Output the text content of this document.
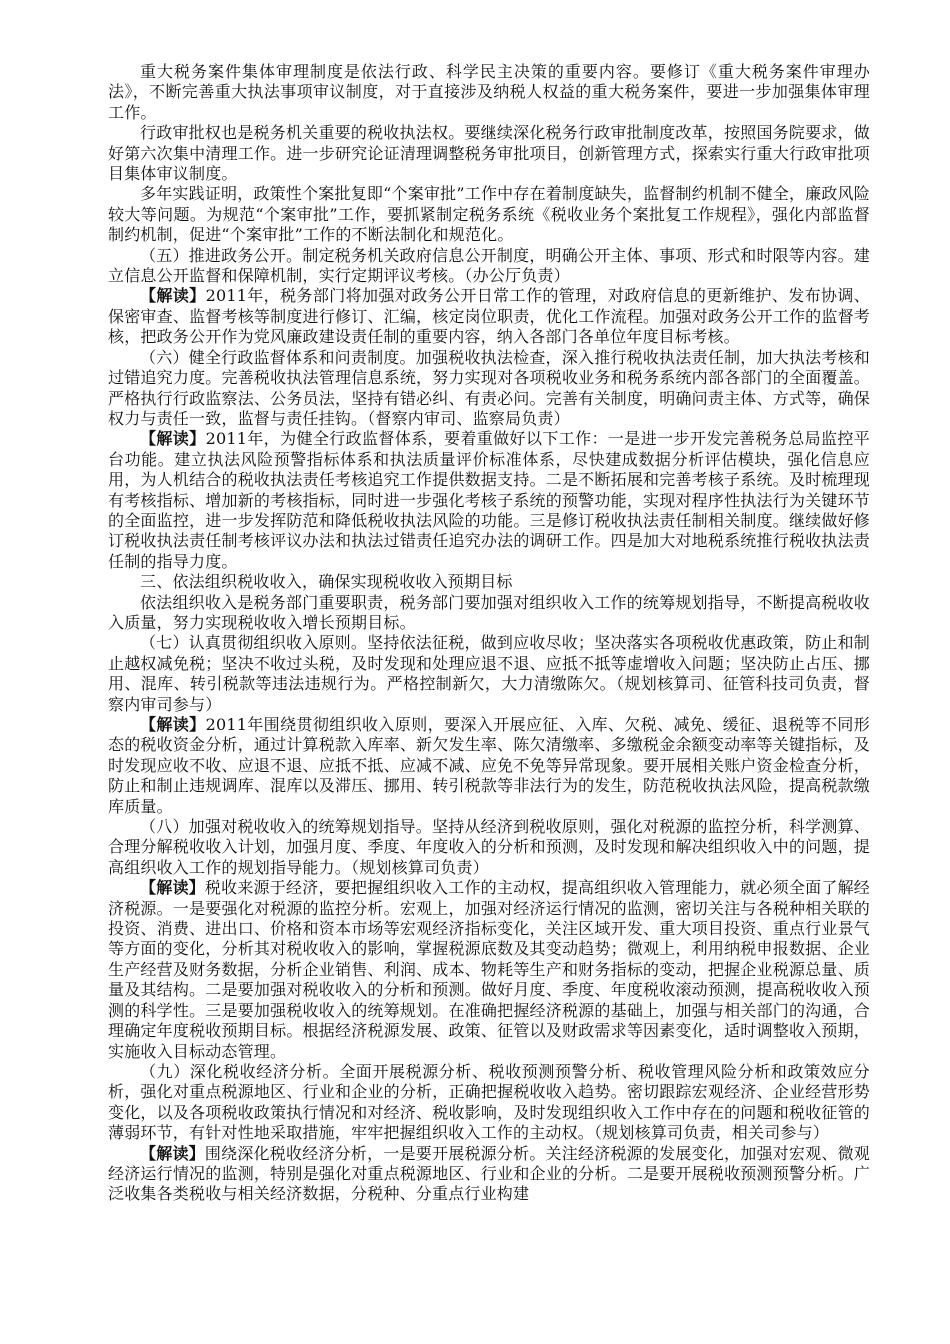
重大税务案件集体审理制度是依法行政、科学民主决策的重要内容。要修订《重大税务案件审理办法》，不断完善重大执法事项审议制度，对于直接涉及纳税人权益的重大税务案件，要进一步加强集体审理工作。

行政审批权也是税务机关重要的税收执法权。要继续深化税务行政审批制度改革，按照国务院要求，做好第六次集中清理工作。进一步研究论证清理调整税务审批项目，创新管理方式，探索实行重大行政审批项目集体审议制度。

多年实践证明，政策性个案批复即“个案审批”工作中存在着制度缺失，监督制约机制不健全，廉政风险较大等问题。为规范“个案审批”工作，要抓紧制定税务系统《税收业务个案批复工作规程》，强化内部监督制约机制，促进“个案审批”工作的不断法制化和规范化。

（五）推进政务公开。制定税务机关政府信息公开制度，明确公开主体、事项、形式和时限等内容。建立信息公开监督和保障机制，实行定期评议考核。（办公厅负责）

【解读】2011年，税务部门将加强对政务公开日常工作的管理，对政府信息的更新维护、发布协调、保密审查、监督考核等制度进行修订、汇编，核定岗位职责，优化工作流程。加强对政务公开工作的监督考核，把政务公开作为党风廉政建设责任制的重要内容，纳入各部门各单位年度目标考核。

（六）健全行政监督体系和问责制度。加强税收执法检查，深入推行税收执法责任制，加大执法考核和过错追究力度。完善税收执法管理信息系统，努力实现对各项税收业务和税务系统内部各部门的全面覆盖。严格执行行政监察法、公务员法，坚持有错必纠、有责必问。完善有关制度，明确问责主体、方式等，确保权力与责任一致，监督与责任挂钩。（督察内审司、监察局负责）

【解读】2011年，为健全行政监督体系，要着重做好以下工作：一是进一步开发完善税务总局监控平台功能。建立执法风险预警指标体系和执法质量评价标准体系，尽快建成数据分析评估模块，强化信息应用，为人机结合的税收执法责任考核追究工作提供数据支持。二是不断拓展和完善考核子系统。及时梳理现有考核指标、增加新的考核指标，同时进一步强化考核子系统的预警功能，实现对程序性执法行为关键环节的全面监控，进一步发挥防范和降低税收执法风险的功能。三是修订税收执法责任制相关制度。继续做好修订税收执法责任制考核评议办法和执法过错责任追究办法的调研工作。四是加大对地税系统推行税收执法责任制的指导力度。

三、依法组织税收收入，确保实现税收收入预期目标

依法组织收入是税务部门重要职责，税务部门要加强对组织收入工作的统筹规划指导，不断提高税收收入质量，努力实现税收收入增长预期目标。

（七）认真贯彻组织收入原则。坚持依法征税，做到应收尽收；坚决落实各项税收优惠政策，防止和制止越权减免税；坚决不收过头税，及时发现和处理应退不退、应抵不抵等虚增收入问题；坚决防止占压、挪用、混库、转引税款等违法违规行为。严格控制新欠，大力清缴陈欠。（规划核算司、征管科技司负责，督察内审司参与）

【解读】2011年围绕贯彻组织收入原则，要深入开展应征、入库、欠税、减免、缓征、退税等不同形态的税收资金分析，通过计算税款入库率、新欠发生率、陈欠清缴率、多缴税金余额变动率等关键指标，及时发现应收不收、应退不退、应抵不抵、应减不减、应免不免等异常现象。要开展相关账户资金检查分析，防止和制止违规调库、混库以及滞压、挪用、转引税款等非法行为的发生，防范税收执法风险，提高税款缴库质量。

（八）加强对税收收入的统筹规划指导。坚持从经济到税收原则，强化对税源的监控分析，科学测算、合理分解税收收入计划，加强月度、季度、年度收入的分析和预测，及时发现和解决组织收入中的问题，提高组织收入工作的规划指导能力。（规划核算司负责）

【解读】税收来源于经济，要把握组织收入工作的主动权，提高组织收入管理能力，就必须全面了解经济税源。一是要强化对税源的监控分析。宏观上，加强对经济运行情况的监测，密切关注与各税种相关联的投资、消费、进出口、价格和资本市场等宏观经济指标变化，关注区域开发、重大项目投资、重点行业景气等方面的变化，分析其对税收收入的影响，掌握税源底数及其变动趋势；微观上，利用纳税申报数据、企业生产经营及财务数据，分析企业销售、利润、成本、物耗等生产和财务指标的变动，把握企业税源总量、质量及其结构。二是要加强对税收收入的分析和预测。做好月度、季度、年度税收滚动预测，提高税收收入预测的科学性。三是要加强税收收入的统筹规划。在准确把握经济税源的基础上，加强与相关部门的沟通，合理确定年度税收预期目标。根据经济税源发展、政策、征管以及财政需求等因素变化，适时调整收入预期，实施收入目标动态管理。

（九）深化税收经济分析。全面开展税源分析、税收预测预警分析、税收管理风险分析和政策效应分析，强化对重点税源地区、行业和企业的分析，正确把握税收收入趋势。密切跟踪宏观经济、企业经营形势变化，以及各项税收政策执行情况和对经济、税收影响，及时发现组织收入工作中存在的问题和税收征管的薄弱环节，有针对性地采取措施，牢牢把握组织收入工作的主动权。（规划核算司负责，相关司参与）

【解读】围绕深化税收经济分析，一是要开展税源分析。关注经济税源的发展变化，加强对宏观、微观经济运行情况的监测，特别是强化对重点税源地区、行业和企业的分析。二是要开展税收预测预警分析。广泛收集各类税收与相关经济数据，分税种、分重点行业构建
